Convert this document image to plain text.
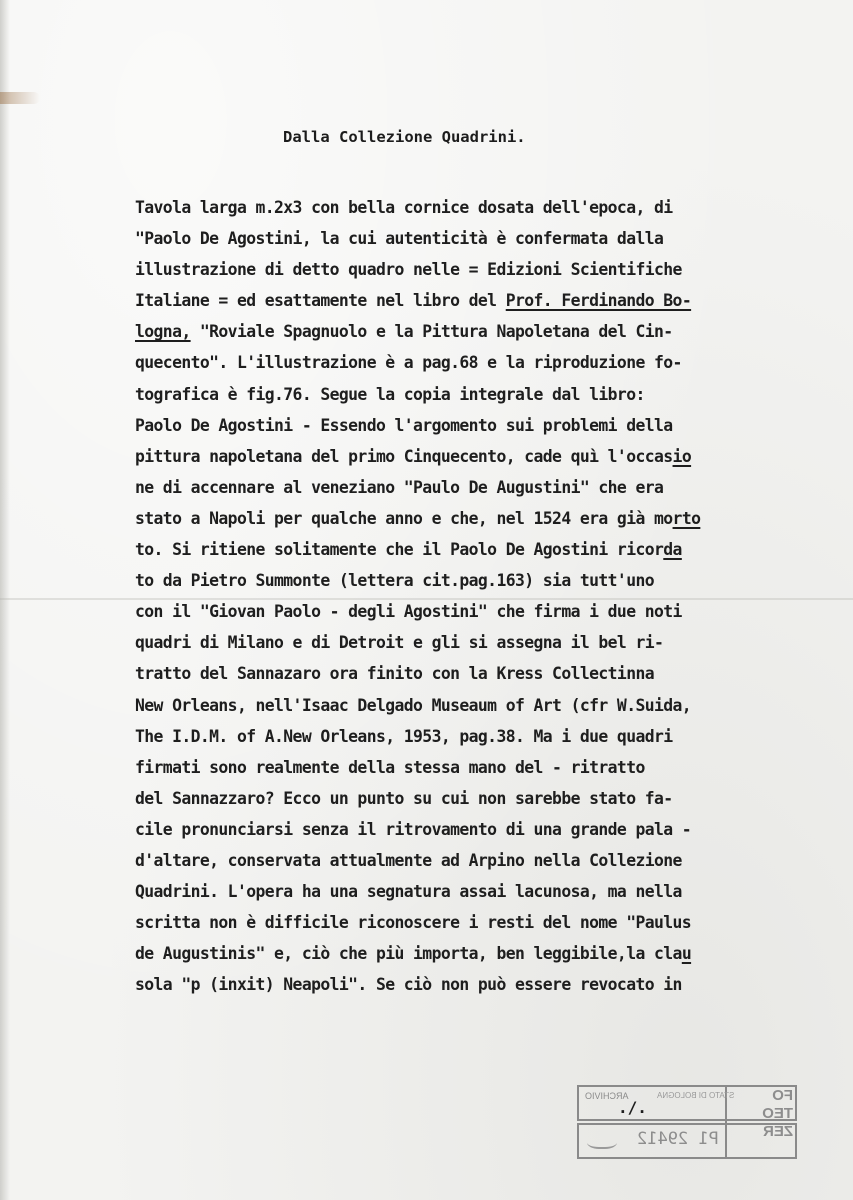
Dalla Collezione Quadrini.
Tavola larga m.2x3 con bella cornice dosata dell'epoca, di
"Paolo De Agostini, la cui autenticità è confermata dalla
illustrazione di detto quadro nelle = Edizioni Scientifiche
Italiane = ed esattamente nel libro del Prof. Ferdinando Bo-
logna, "Roviale Spagnuolo e la Pittura Napoletana del Cin-
quecento". L'illustrazione è a pag.68 e la riproduzione fo-
tografica è fig.76. Segue la copia integrale dal libro:
Paolo De Agostini - Essendo l'argomento sui problemi della
pittura napoletana del primo Cinquecento, cade quì l'occasio
ne di accennare al veneziano "Paulo De Augustini" che era
stato a Napoli per qualche anno e che, nel 1524 era già morto
to. Si ritiene solitamente che il Paolo De Agostini ricorda
to da Pietro Summonte (lettera cit.pag.163) sia tutt'uno
con il "Giovan Paolo - degli Agostini" che firma i due noti
quadri di Milano e di Detroit e gli si assegna il bel ri-
tratto del Sannazaro ora finito con la Kress Collectinna
New Orleans, nell'Isaac Delgado Museaum of Art (cfr W.Suida,
The I.D.M. of A.New Orleans, 1953, pag.38. Ma i due quadri
firmati sono realmente della stessa mano del - ritratto
del Sannazzaro? Ecco un punto su cui non sarebbe stato fa-
cile pronunciarsi senza il ritrovamento di una grande pala -
d'altare, conservata attualmente ad Arpino nella Collezione
Quadrini. L'opera ha una segnatura assai lacunosa, ma nella
scritta non è difficile riconoscere i resti del nome "Paulus
de Augustinis" e, ciò che più importa, ben leggibile,la clau
sola "p (inxit) Neapoli". Se ciò non può essere revocato in
ARCHIVIO	STATO DI BOLOGNA	FO
TEO
ZER
P1 29412
./.
